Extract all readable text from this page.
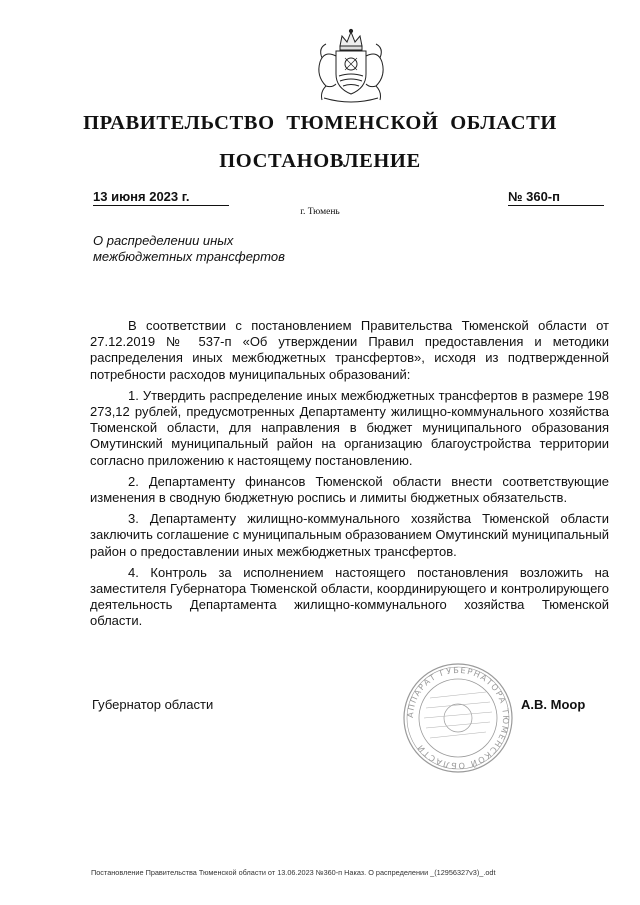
ПРАВИТЕЛЬСТВО ТЮМЕНСКОЙ ОБЛАСТИ
ПОСТАНОВЛЕНИЕ
13 июня 2023 г.	№ 360-п
г. Тюмень
О распределении иных
межбюджетных трансфертов

В соответствии с постановлением Правительства Тюменской области от 27.12.2019 № 537-п «Об утверждении Правил предоставления и методики распределения иных межбюджетных трансфертов», исходя из подтвержденной потребности расходов муниципальных образований:

1. Утвердить распределение иных межбюджетных трансфертов в размере 198 273,12 рублей, предусмотренных Департаменту жилищно-коммунального хозяйства Тюменской области, для направления в бюджет муниципального образования Омутинский муниципальный район на организацию благоустройства территории согласно приложению к настоящему постановлению.

2. Департаменту финансов Тюменской области внести соответствующие изменения в сводную бюджетную роспись и лимиты бюджетных обязательств.

3. Департаменту жилищно-коммунального хозяйства Тюменской области заключить соглашение с муниципальным образованием Омутинский муниципальный район о предоставлении иных межбюджетных трансфертов.

4. Контроль за исполнением настоящего постановления возложить на заместителя Губернатора Тюменской области, координирующего и контролирующего деятельность Департамента жилищно-коммунального хозяйства Тюменской области.

Губернатор области
АППАРАТ ГУБЕРНАТОРА ТЮМЕНСКОЙ ОБЛАСТИ
А.В. Моор
Постановление Правительства Тюменской области от 13.06.2023 №360-п Наказ. О распределении _(12956327v3)_.odt
